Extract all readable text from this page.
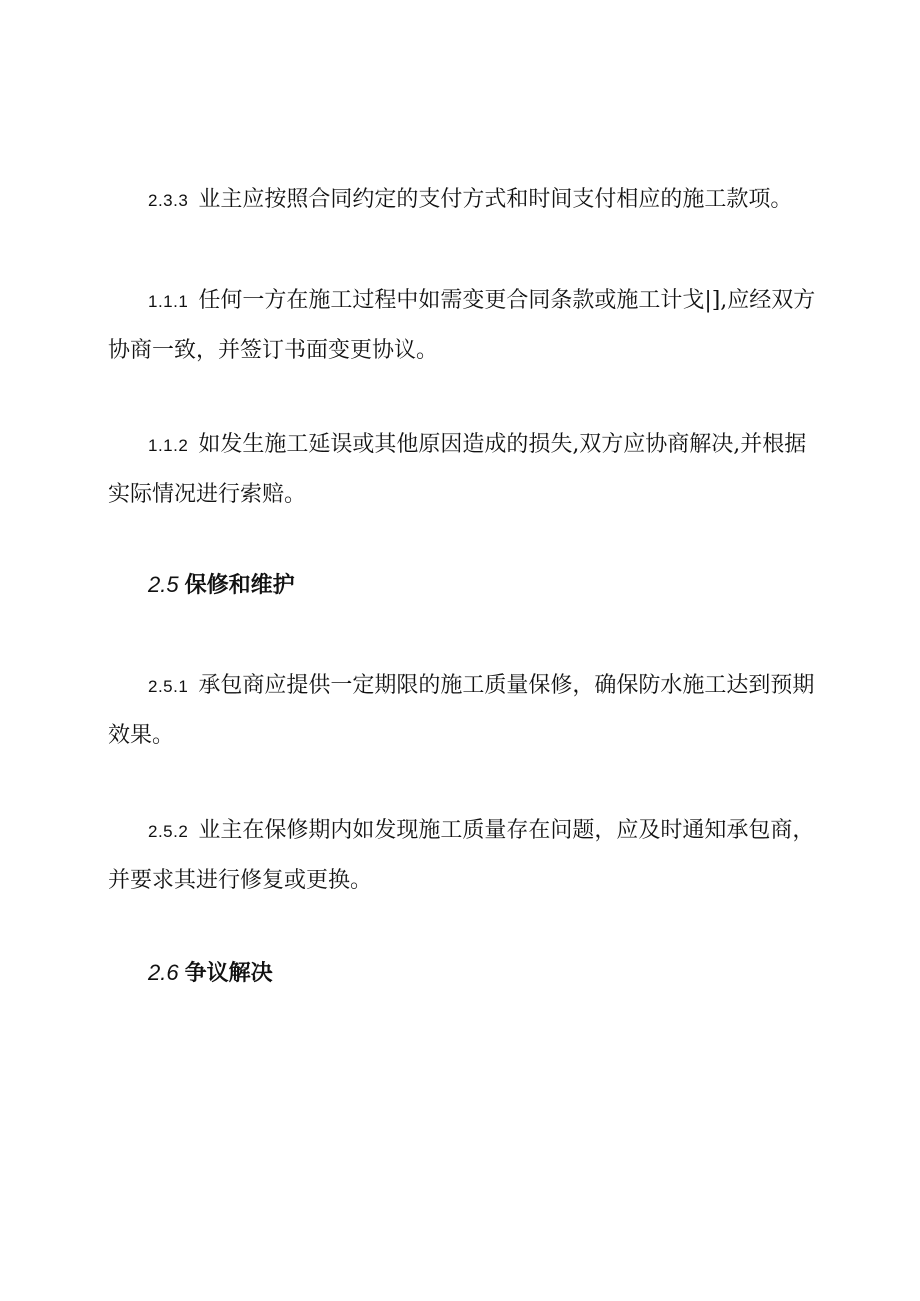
2.3.3 业主应按照合同约定的支付方式和时间支付相应的施工款项。

1.1.1 任何一方在施工过程中如需变更合同条款或施工计戈|],应经双方协商一致，并签订书面变更协议。

1.1.2 如发生施工延误或其他原因造成的损失,双方应协商解决,并根据实际情况进行索赔。

2.5 保修和维护

2.5.1 承包商应提供一定期限的施工质量保修，确保防水施工达到预期效果。

2.5.2 业主在保修期内如发现施工质量存在问题，应及时通知承包商，并要求其进行修复或更换。

2.6 争议解决
